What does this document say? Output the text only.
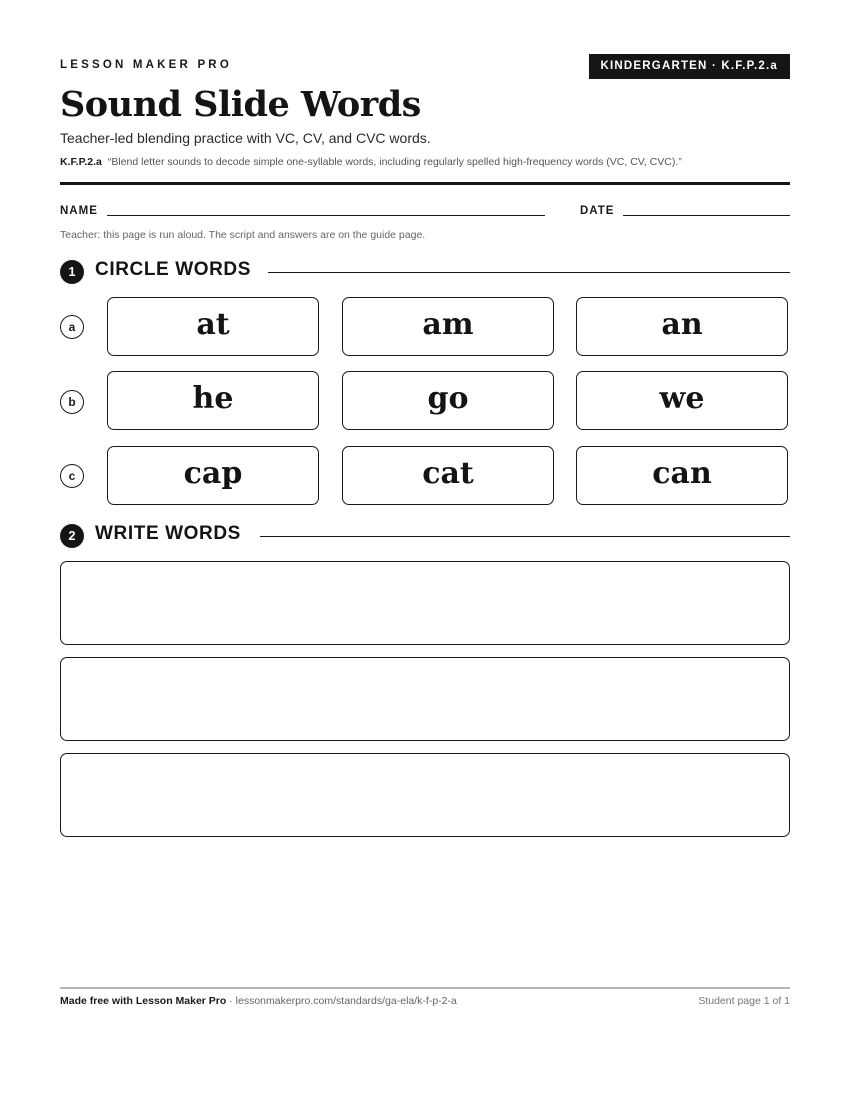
LESSON MAKER PRO	KINDERGARTEN · K.F.P.2.a
Sound Slide Words
Teacher-led blending practice with VC, CV, and CVC words.
K.F.P.2.a “Blend letter sounds to decode simple one-syllable words, including regularly spelled high-frequency words (VC, CV, CVC).”
NAME	DATE
Teacher: this page is run aloud. The script and answers are on the guide page.
1	CIRCLE WORDS
a	at	am	an
b	he	go	we
c	cap	cat	can
2	WRITE WORDS
Made free with Lesson Maker Pro · lessonmakerpro.com/standards/ga-ela/k-f-p-2-a	Student page 1 of 1
